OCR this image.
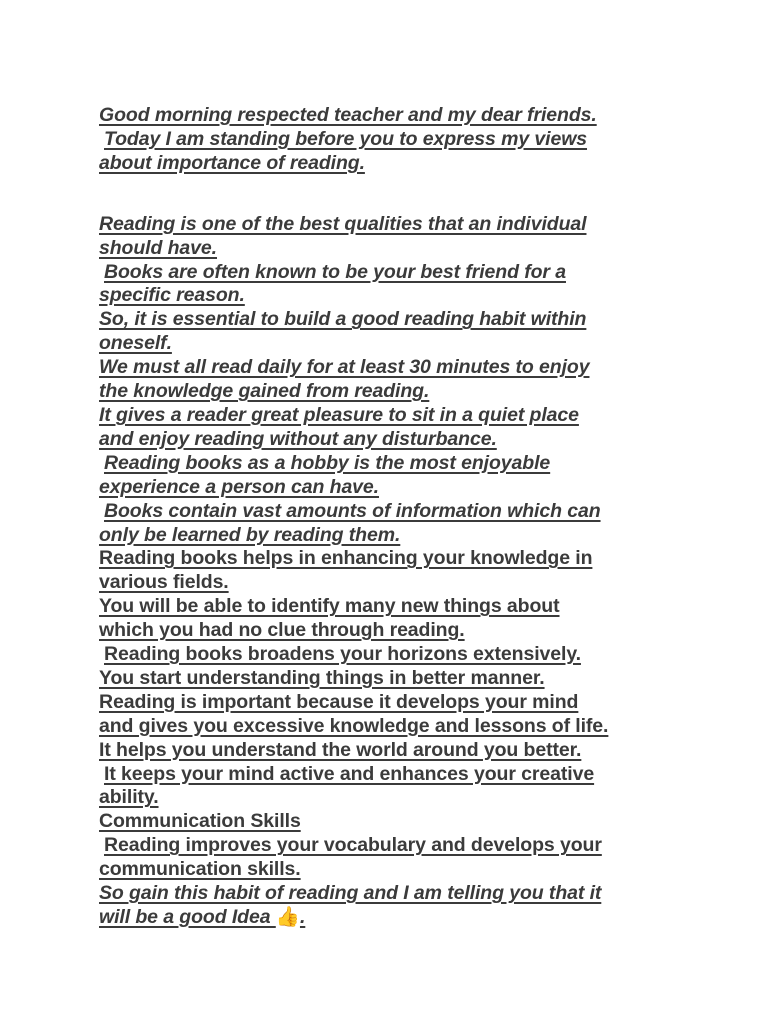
Good morning respected teacher and my dear friends.
Today I am standing before you to express my views
about importance of reading.
Reading is one of the best qualities that an individual
should have.
Books are often known to be your best friend for a
specific reason.
So, it is essential to build a good reading habit within
oneself.
We must all read daily for at least 30 minutes to enjoy
the knowledge gained from reading.
It gives a reader great pleasure to sit in a quiet place
and enjoy reading without any disturbance.
Reading books as a hobby is the most enjoyable
experience a person can have.
Books contain vast amounts of information which can
only be learned by reading them.
Reading books helps in enhancing your knowledge in
various fields.
You will be able to identify many new things about
which you had no clue through reading.
Reading books broadens your horizons extensively.
You start understanding things in better manner.
Reading is important because it develops your mind
and gives you excessive knowledge and lessons of life.
It helps you understand the world around you better.
It keeps your mind active and enhances your creative
ability.
Communication Skills
Reading improves your vocabulary and develops your
communication skills.
So gain this habit of reading and I am telling you that it
will be a good Idea 👍.
